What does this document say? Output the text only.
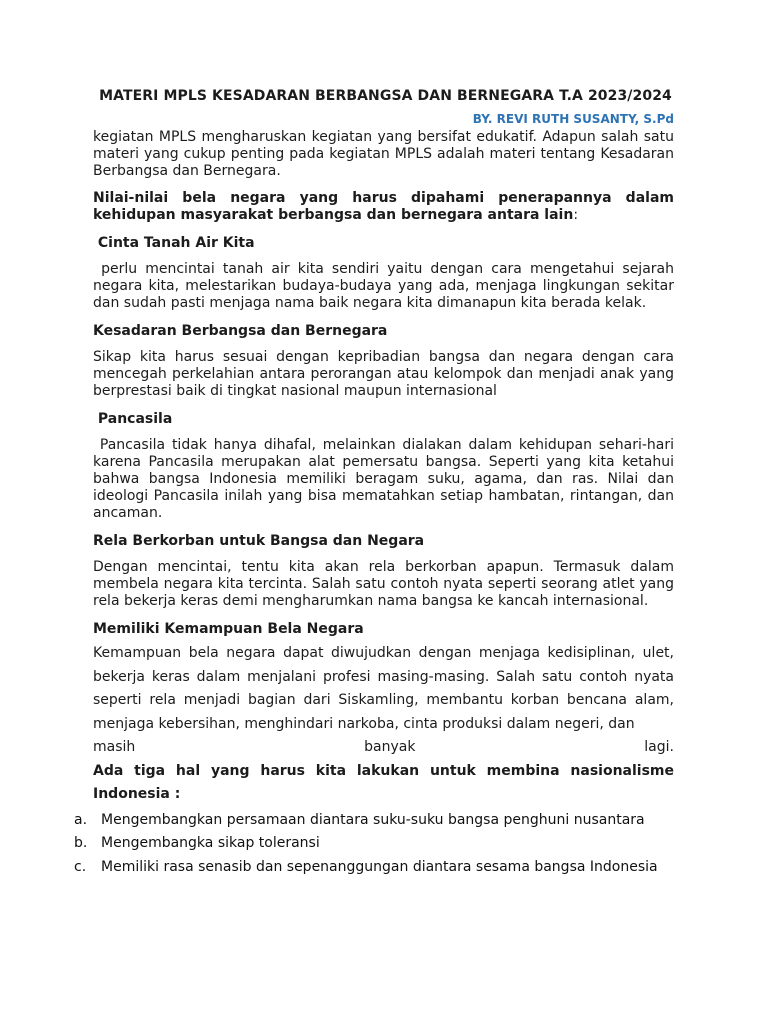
MATERI MPLS KESADARAN BERBANGSA DAN BERNEGARA T.A 2023/2024
BY. REVI RUTH SUSANTY, S.Pd

kegiatan MPLS mengharuskan kegiatan yang bersifat edukatif. Adapun salah satu materi yang cukup penting pada kegiatan MPLS adalah materi tentang Kesadaran Berbangsa dan Bernegara.

Nilai-nilai bela negara yang harus dipahami penerapannya dalam kehidupan masyarakat berbangsa dan bernegara antara lain:

Cinta Tanah Air Kita

perlu mencintai tanah air kita sendiri yaitu dengan cara mengetahui sejarah negara kita, melestarikan budaya-budaya yang ada, menjaga lingkungan sekitar dan sudah pasti menjaga nama baik negara kita dimanapun kita berada kelak.

Kesadaran Berbangsa dan Bernegara

Sikap kita harus sesuai dengan kepribadian bangsa dan negara dengan cara mencegah perkelahian antara perorangan atau kelompok dan menjadi anak yang berprestasi baik di tingkat nasional maupun internasional

Pancasila

Pancasila tidak hanya dihafal, melainkan dialakan dalam kehidupan sehari-hari karena Pancasila merupakan alat pemersatu bangsa. Seperti yang kita ketahui bahwa bangsa Indonesia memiliki beragam suku, agama, dan ras. Nilai dan ideologi Pancasila inilah yang bisa mematahkan setiap hambatan, rintangan, dan ancaman.

Rela Berkorban untuk Bangsa dan Negara

Dengan mencintai, tentu kita akan rela berkorban apapun. Termasuk dalam membela negara kita tercinta. Salah satu contoh nyata seperti seorang atlet yang rela bekerja keras demi mengharumkan nama bangsa ke kancah internasional.

Memiliki Kemampuan Bela Negara

Kemampuan bela negara dapat diwujudkan dengan menjaga kedisiplinan, ulet, bekerja keras dalam menjalani profesi masing-masing. Salah satu contoh nyata seperti rela menjadi bagian dari Siskamling, membantu korban bencana alam, menjaga kebersihan, menghindari narkoba, cinta produksi dalam negeri, dan

masih banyak lagi.

Ada tiga hal yang harus kita lakukan untuk membina nasionalisme
Indonesia :
a. Mengembangkan persamaan diantara suku-suku bangsa penghuni nusantara
b. Mengembangka sikap toleransi
c. Memiliki rasa senasib dan sepenanggungan diantara sesama bangsa Indonesia
